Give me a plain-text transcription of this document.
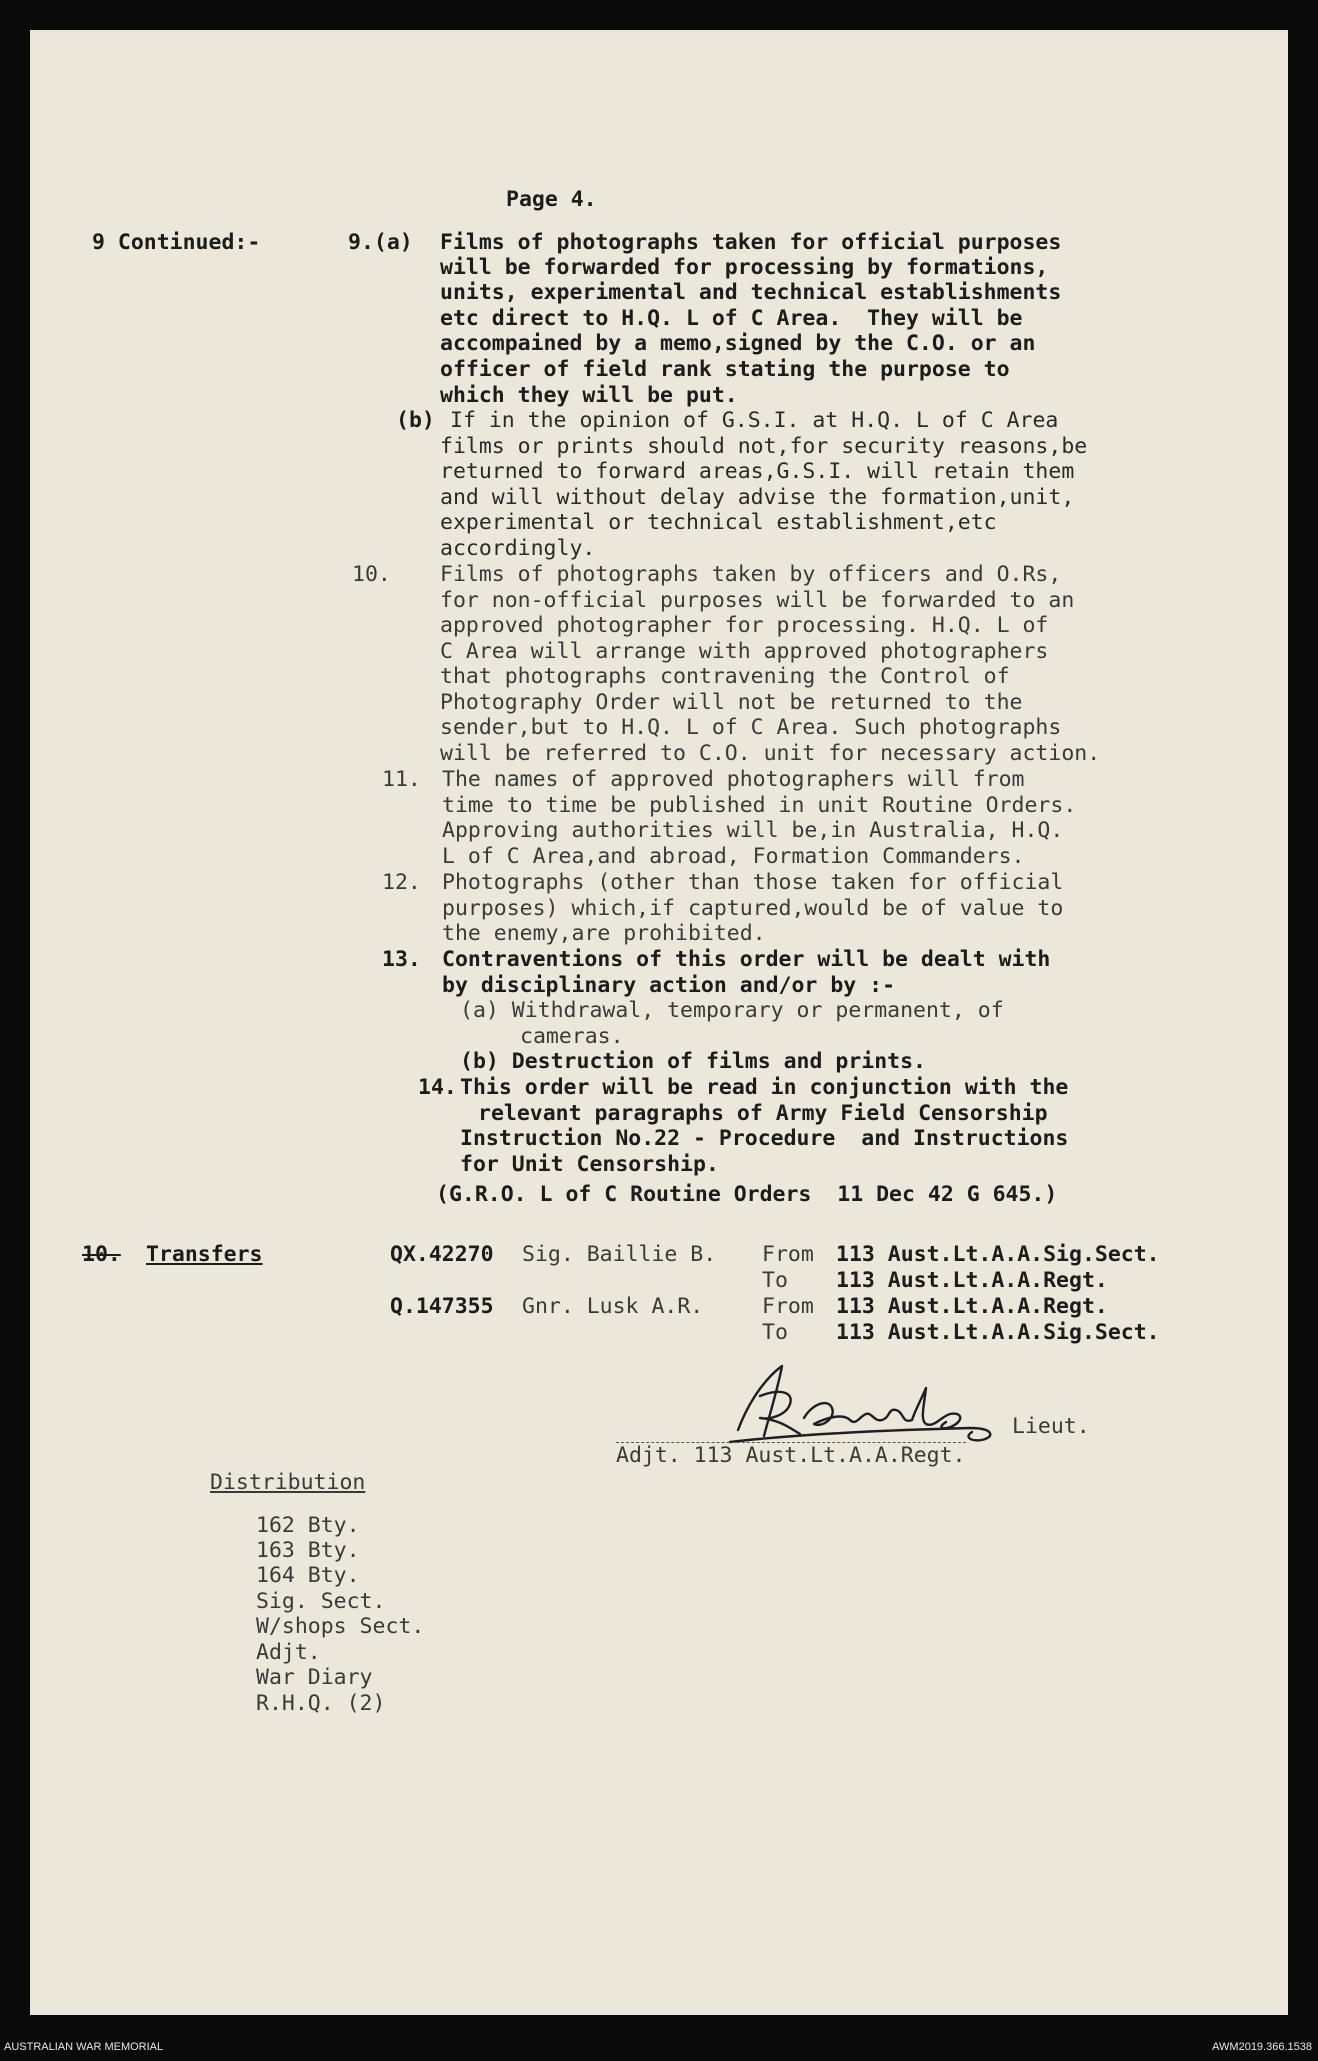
Page 4.
9 Continued:-	9.(a) Films of photographs taken for official purposes
will be forwarded for processing by formations,
units, experimental and technical establishments
etc direct to H.Q. L of C Area.  They will be
accompained by a memo,signed by the C.O. or an
officer of field rank stating the purpose to
which they will be put.
(b) If in the opinion of G.S.I. at H.Q. L of C Area
films or prints should not,for security reasons,be
returned to forward areas,G.S.I. will retain them
and will without delay advise the formation,unit,
experimental or technical establishment,etc
accordingly.
10. Films of photographs taken by officers and O.Rs,
for non-official purposes will be forwarded to an
approved photographer for processing. H.Q. L of
C Area will arrange with approved photographers
that photographs contravening the Control of
Photography Order will not be returned to the
sender,but to H.Q. L of C Area. Such photographs
will be referred to C.O. unit for necessary action.
11. The names of approved photographers will from
time to time be published in unit Routine Orders.
Approving authorities will be,in Australia, H.Q.
L of C Area,and abroad, Formation Commanders.
12. Photographs (other than those taken for official
purposes) which,if captured,would be of value to
the enemy,are prohibited.
13. Contraventions of this order will be dealt with
by disciplinary action and/or by :-
(a) Withdrawal, temporary or permanent, of
cameras.
(b) Destruction of films and prints.
14. This order will be read in conjunction with the
relevant paragraphs of Army Field Censorship
Instruction No.22 - Procedure  and Instructions
for Unit Censorship.
(G.R.O. L of C Routine Orders  11 Dec 42 G 645.)
10. Transfers	QX.42270 Sig. Baillie B. From 113 Aust.Lt.A.A.Sig.Sect.
To 113 Aust.Lt.A.A.Regt.
Q.147355 Gnr. Lusk A.R.	From 113 Aust.Lt.A.A.Regt.
To 113 Aust.Lt.A.A.Sig.Sect.
Lieut.
Adjt. 113 Aust.Lt.A.A.Regt.
Distribution
162 Bty.
163 Bty.
164 Bty.
Sig. Sect.
W/shops Sect.
Adjt.
War Diary
R.H.Q. (2)
AUSTRALIAN WAR MEMORIAL	AWM2019.366.1538
